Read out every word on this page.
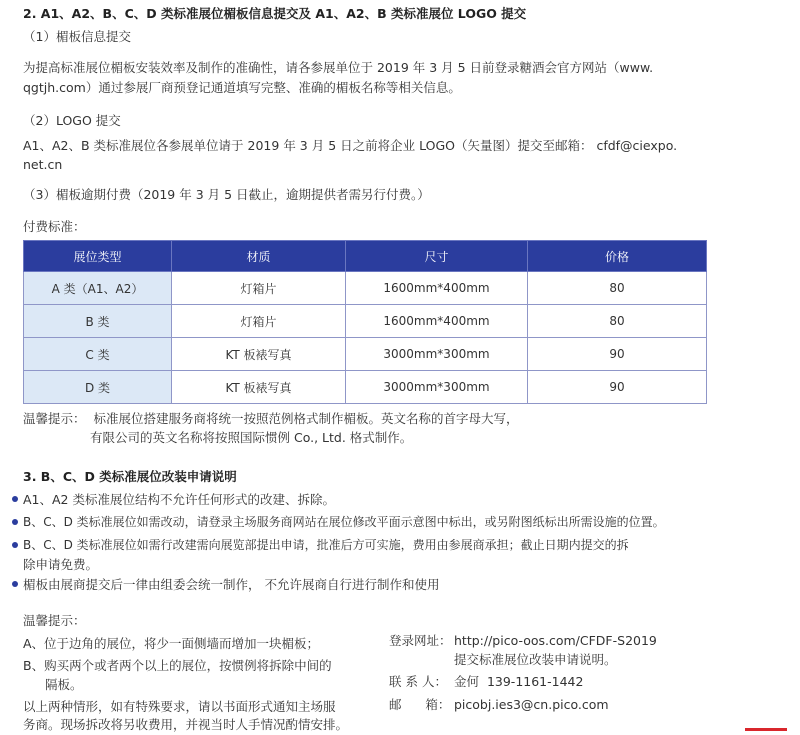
2. A1、A2、B、C、D 类标准展位楣板信息提交及 A1、A2、B 类标准展位 LOGO 提交
（1）楣板信息提交
为提高标准展位楣板安装效率及制作的准确性，请各参展单位于 2019 年 3 月 5 日前登录糖酒会官方网站（www.
qgtjh.com）通过参展厂商预登记通道填写完整、准确的楣板名称等相关信息。
（2）LOGO 提交
A1、A2、B 类标准展位各参展单位请于 2019 年 3 月 5 日之前将企业 LOGO（矢量图）提交至邮箱： cfdf@ciexpo.
net.cn
（3）楣板逾期付费（2019 年 3 月 5 日截止，逾期提供者需另行付费。）
付费标准：
展位类型	材质	尺寸	价格
A 类（A1、A2）	灯箱片	1600mm*400mm	80
B 类	灯箱片	1600mm*400mm	80
C 类	KT 板裱写真	3000mm*300mm	90
D 类	KT 板裱写真	3000mm*300mm	90
温馨提示：  标准展位搭建服务商将统一按照范例格式制作楣板。英文名称的首字母大写，
有限公司的英文名称将按照国际惯例 Co., Ltd. 格式制作。
3. B、C、D 类标准展位改装申请说明
A1、A2 类标准展位结构不允许任何形式的改建、拆除。
B、C、D 类标准展位如需改动，请登录主场服务商网站在展位修改平面示意图中标出，或另附图纸标出所需设施的位置。
B、C、D 类标准展位如需行改建需向展览部提出申请，批准后方可实施，费用由参展商承担；截止日期内提交的拆
除申请免费。
楣板由展商提交后一律由组委会统一制作， 不允许展商自行进行制作和使用
温馨提示：
A、位于边角的展位，将少一面侧墙而增加一块楣板；
B、购买两个或者两个以上的展位，按惯例将拆除中间的
隔板。
以上两种情形，如有特殊要求，请以书面形式通知主场服
务商。现场拆改将另收费用，并视当时人手情况酌情安排。
登录网址： http://pico-oos.com/CFDF-S2019
提交标准展位改装申请说明。
联 系 人： 金何  139-1161-1442
邮      箱： picobj.ies3@cn.pico.com
